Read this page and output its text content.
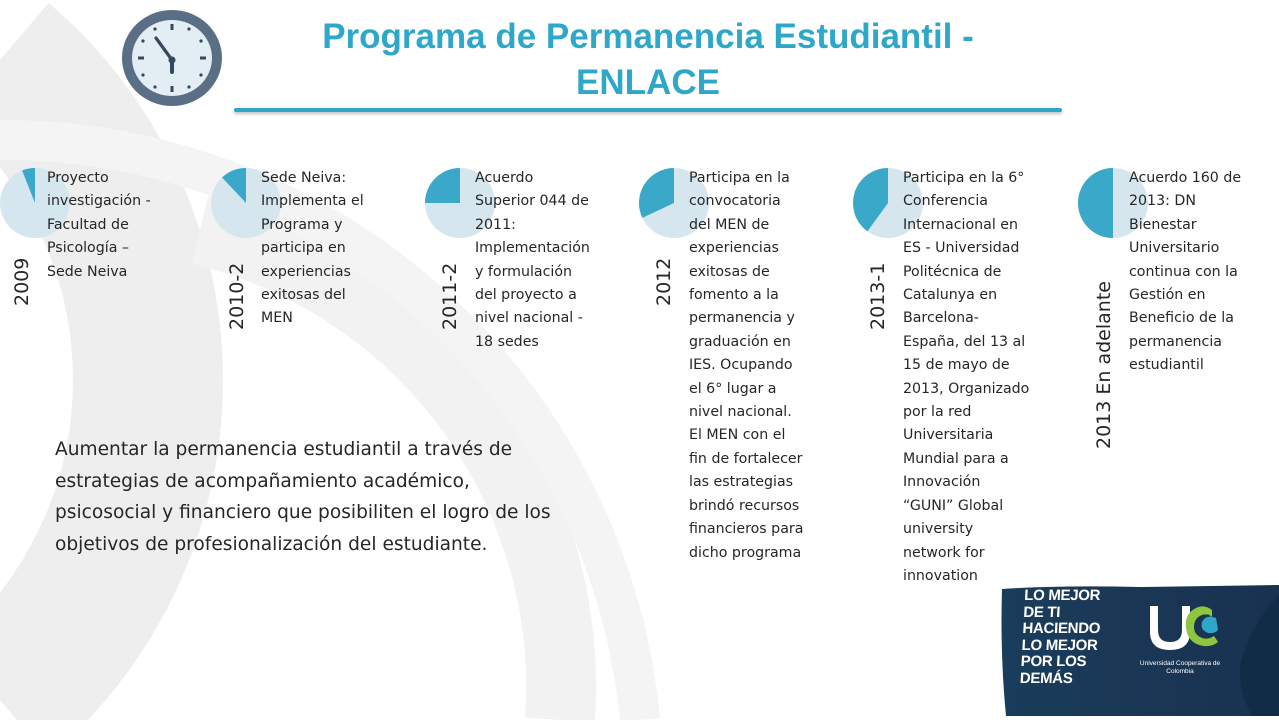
Programa de Permanencia Estudiantil -
ENLACE
2009

Proyecto
investigación -
Facultad de
Psicología –
Sede Neiva	2010-2

Sede Neiva:
Implementa el
Programa y
participa en
experiencias
exitosas del
MEN	2011-2

Acuerdo
Superior 044 de
2011:
Implementación
y formulación
del proyecto a
nivel nacional -
18 sedes

2012

Participa en la
convocatoria
del MEN de
experiencias
exitosas de
fomento a la
permanencia y
graduación en
IES. Ocupando
el 6° lugar a
nivel nacional.
El MEN con el
fin de fortalecer
las estrategias
brindó recursos
financieros para
dicho programa

2013-1

Participa en la 6°
Conferencia
Internacional en
ES - Universidad
Politécnica de
Catalunya en
Barcelona-
España, del 13 al
15 de mayo de
2013, Organizado
por la red
Universitaria
Mundial para a
Innovación
“GUNI” Global
university
network for
innovation

2013 En adelante

Acuerdo 160 de
2013: DN
Bienestar
Universitario
continua con la
Gestión en
Beneficio de la
permanencia
estudiantil

Aumentar la permanencia estudiantil a través de
estrategias de acompañamiento académico,
psicosocial y financiero que posibiliten el logro de los
objetivos de profesionalización del estudiante.

LO MEJOR
DE TI
HACIENDO
LO MEJOR
POR LOS
DEMÁS

Universidad Cooperativa de Colombia
